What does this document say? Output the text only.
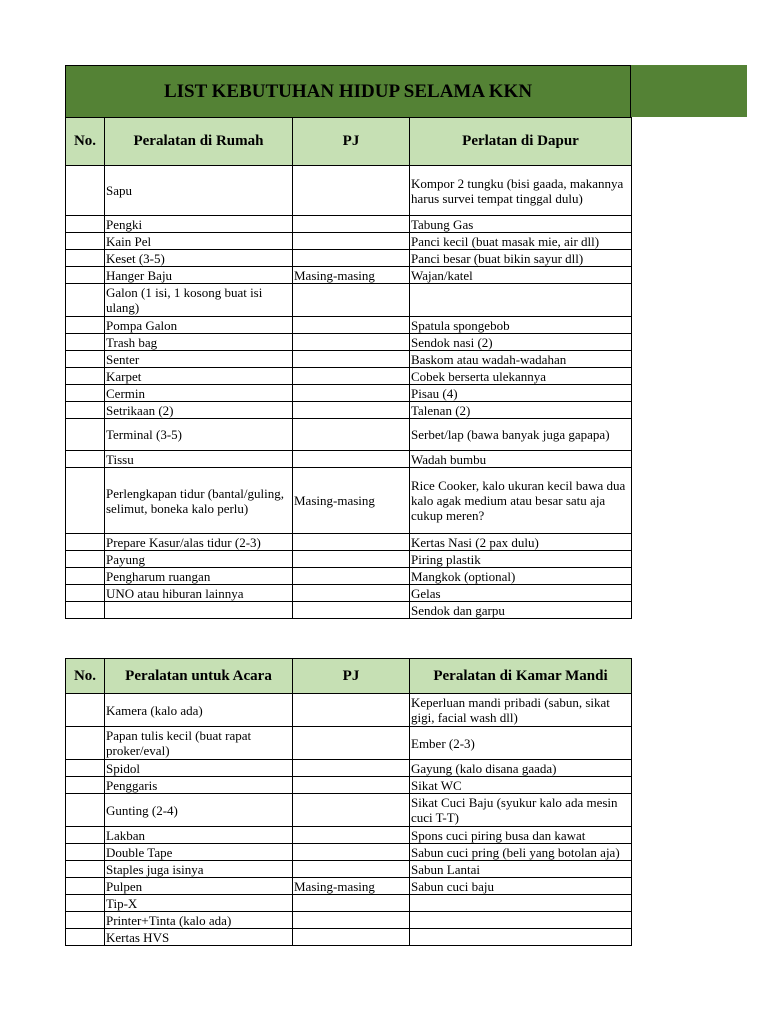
LIST KEBUTUHAN HIDUP SELAMA KKN
No.	Peralatan di Rumah	PJ	Perlatan di Dapur
	Sapu		Kompor 2 tungku (bisi gaada, makannya harus survei tempat tinggal dulu)
	Pengki		Tabung Gas
	Kain Pel		Panci kecil (buat masak mie, air dll)
	Keset (3-5)		Panci besar (buat bikin sayur dll)
	Hanger Baju	Masing-masing	Wajan/katel
	Galon (1 isi, 1 kosong buat isi ulang)		
	Pompa Galon		Spatula spongebob
	Trash bag		Sendok nasi (2)
	Senter		Baskom atau wadah-wadahan
	Karpet		Cobek berserta ulekannya
	Cermin		Pisau (4)
	Setrikaan (2)		Talenan (2)
	Terminal (3-5)		Serbet/lap (bawa banyak juga gapapa)
	Tissu		Wadah bumbu
	Perlengkapan tidur (bantal/guling, selimut, boneka kalo perlu)	Masing-masing	Rice Cooker, kalo ukuran kecil bawa dua kalo agak medium atau besar satu aja cukup meren?
	Prepare Kasur/alas tidur (2-3)		Kertas Nasi (2 pax dulu)
	Payung		Piring plastik
	Pengharum ruangan		Mangkok (optional)
	UNO atau hiburan lainnya		Gelas
			Sendok dan garpu
No.	Peralatan untuk Acara	PJ	Peralatan di Kamar Mandi
	Kamera (kalo ada)		Keperluan mandi pribadi (sabun, sikat gigi, facial wash dll)
	Papan tulis kecil (buat rapat proker/eval)		Ember (2-3)
	Spidol		Gayung (kalo disana gaada)
	Penggaris		Sikat WC
	Gunting (2-4)		Sikat Cuci Baju (syukur kalo ada mesin cuci T-T)
	Lakban		Spons cuci piring busa dan kawat
	Double Tape		Sabun cuci pring (beli yang botolan aja)
	Staples juga isinya		Sabun Lantai
	Pulpen	Masing-masing	Sabun cuci baju
	Tip-X		
	Printer+Tinta (kalo ada)		
	Kertas HVS		
